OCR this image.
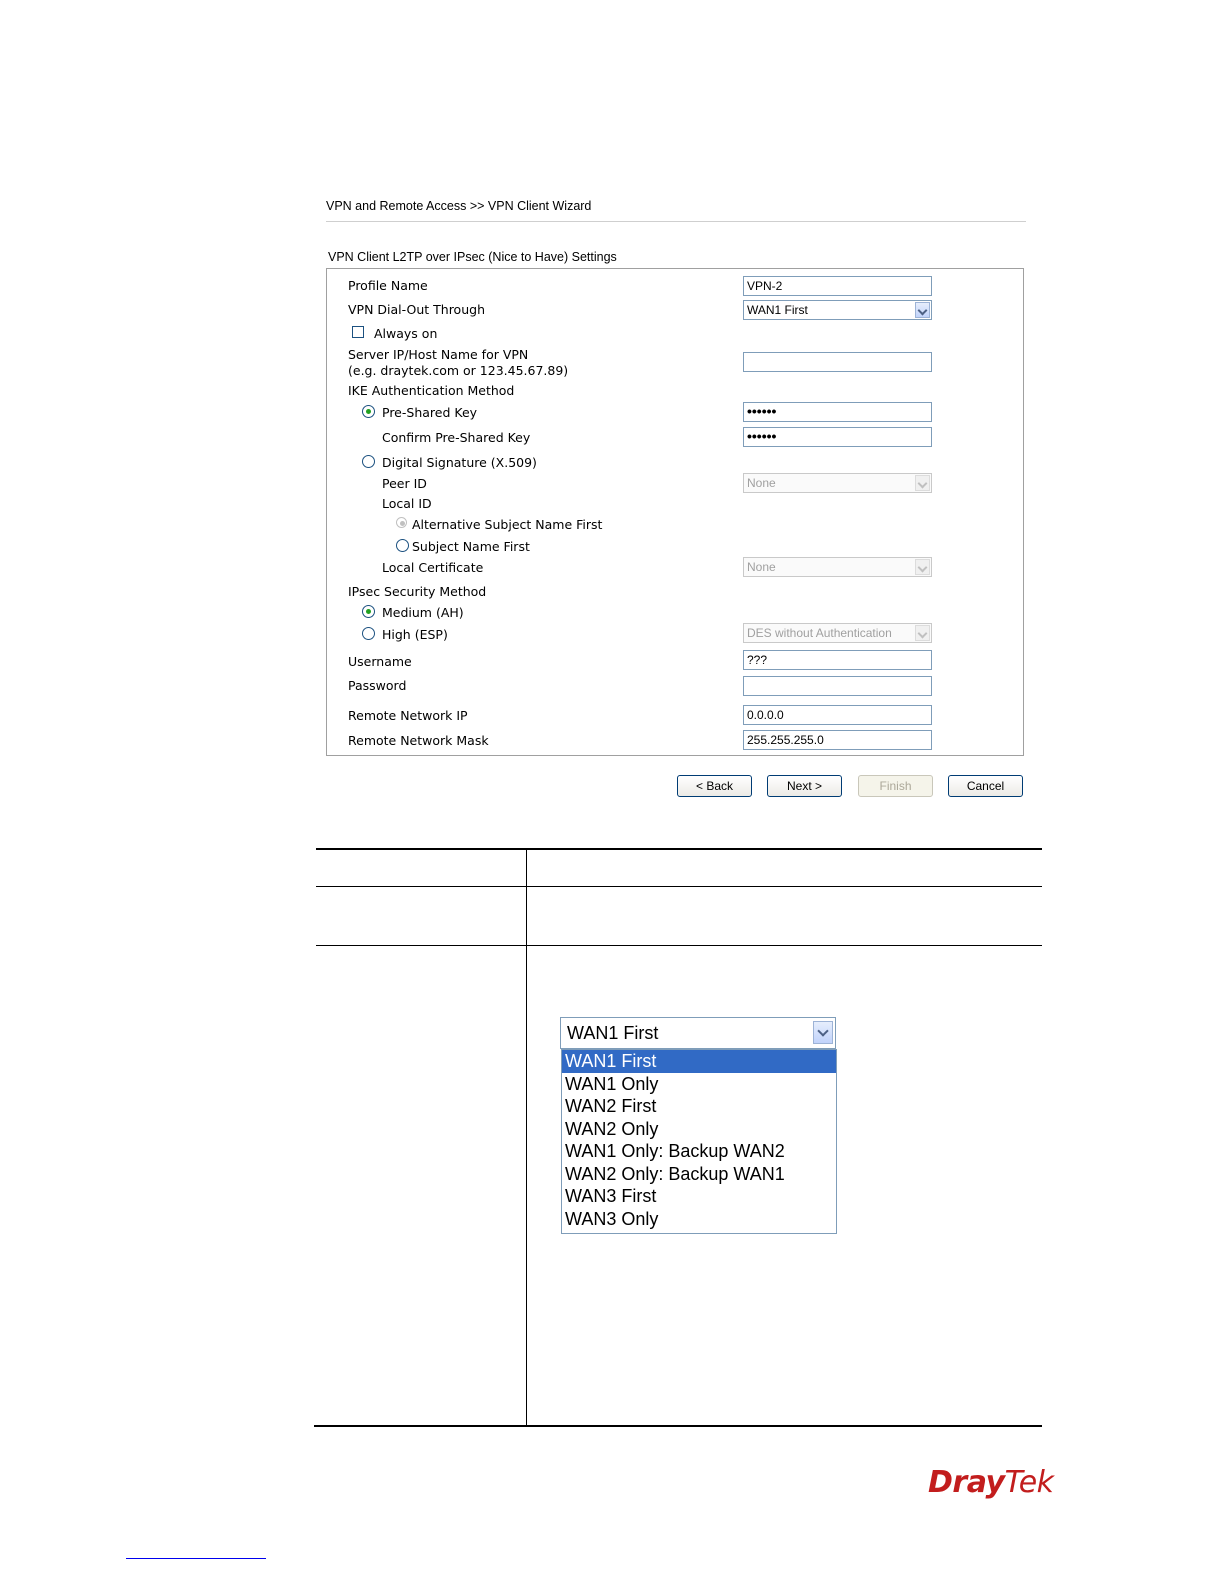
VPN and Remote Access >> VPN Client Wizard
VPN Client L2TP over IPsec (Nice to Have) Settings
Profile Name	VPN-2
VPN Dial-Out Through	WAN1 First
Always on
Server IP/Host Name for VPN
(e.g. draytek.com or 123.45.67.89)
IKE Authentication Method
Pre-Shared Key	••••••
Confirm Pre-Shared Key	••••••
Digital Signature (X.509)
Peer ID	None
Local ID
Alternative Subject Name First
Subject Name First
Local Certificate	None
IPsec Security Method
Medium (AH)
High (ESP)	DES without Authentication
Username	???
Password
Remote Network IP	0.0.0.0
Remote Network Mask	255.255.255.0
< Back	Next >	Finish	Cancel
WAN1 First
WAN1 First
WAN1 Only
WAN2 First
WAN2 Only
WAN1 Only: Backup WAN2
WAN2 Only: Backup WAN1
WAN3 First
WAN3 Only
DrayTek
